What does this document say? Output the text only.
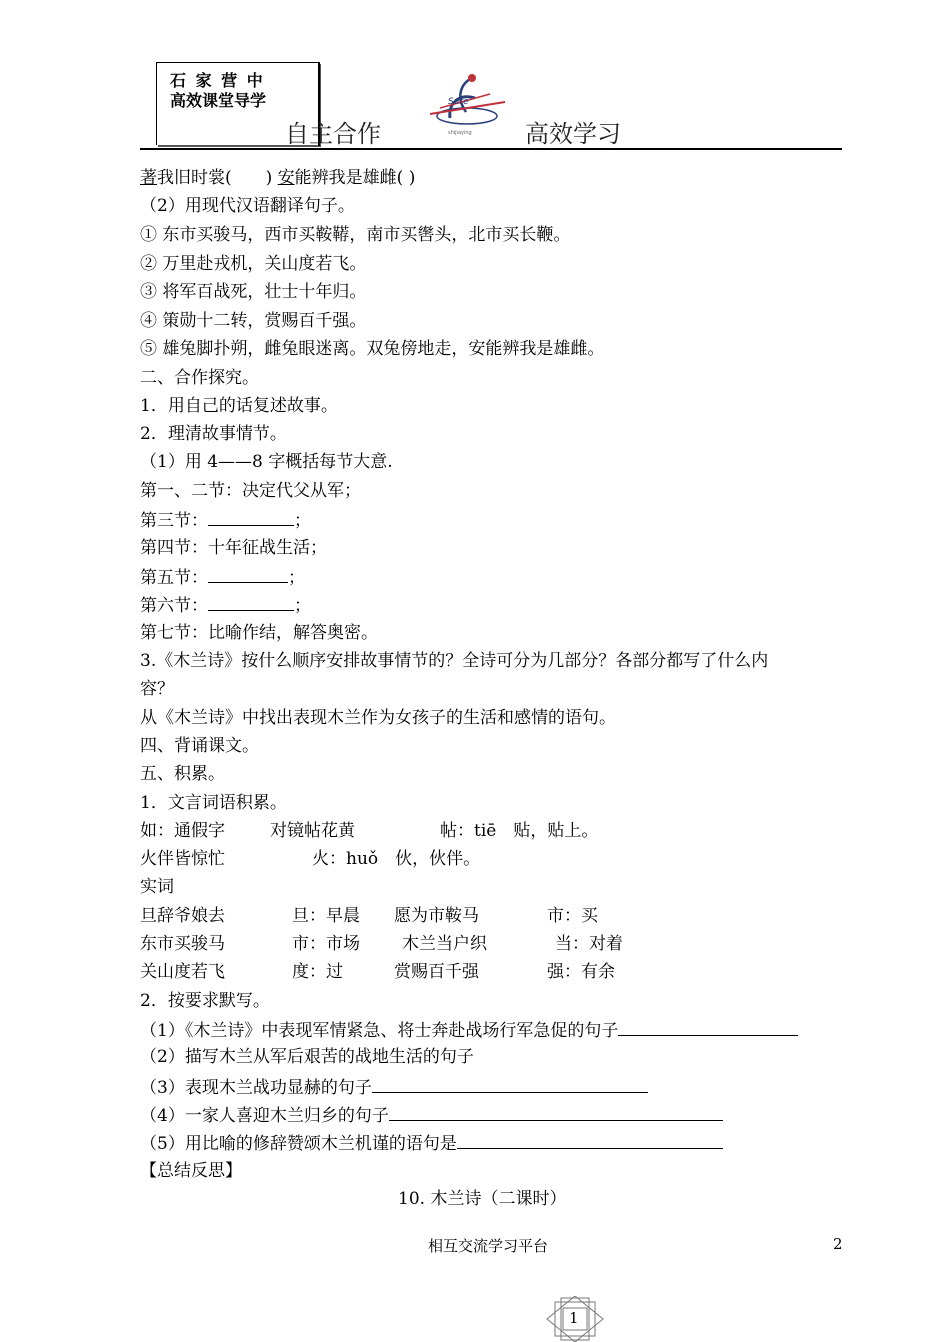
石 家 营 中
高效课堂导学
自主合作	高效学习
Sure
shijiaying
著我旧时裳(　　) 安能辨我是雄雌( )
（2）用现代汉语翻译句子。
① 东市买骏马，西市买鞍鞯，南市买辔头，北市买长鞭。
② 万里赴戎机，关山度若飞。
③ 将军百战死，壮士十年归。
④ 策勋十二转，赏赐百千强。
⑤ 雄兔脚扑朔，雌兔眼迷离。双兔傍地走，安能辨我是雄雌。
二、合作探究。
1．用自己的话复述故事。
2．理清故事情节。
（1）用 4——8 字概括每节大意.
第一、二节：决定代父从军；
第三节：	；
第四节：十年征战生活；
第五节：	；
第六节：	；
第七节：比喻作结，解答奥密。
3.《木兰诗》按什么顺序安排故事情节的？全诗可分为几部分？各部分都写了什么内
容？
从《木兰诗》中找出表现木兰作为女孩子的生活和感情的语句。
四、背诵课文。
五、积累。
1．文言词语积累。
如：通假字	对镜帖花黄	帖：tiē　贴，贴上。
火伴皆惊忙	火：huǒ　伙，伙伴。
实词
旦辞爷娘去	旦：早晨 愿为市鞍马	市：买
东市买骏马	市：市场 木兰当户织	当：对着
关山度若飞	度：过	赏赐百千强	强：有余
2．按要求默写。
（1）《木兰诗》中表现军情紧急、将士奔赴战场行军急促的句子
（2）描写木兰从军后艰苦的战地生活的句子
（3）表现木兰战功显赫的句子
（4）一家人喜迎木兰归乡的句子
（5）用比喻的修辞赞颂木兰机谨的语句是
【总结反思】
10. 木兰诗（二课时）
相互交流学习平台	2
1
